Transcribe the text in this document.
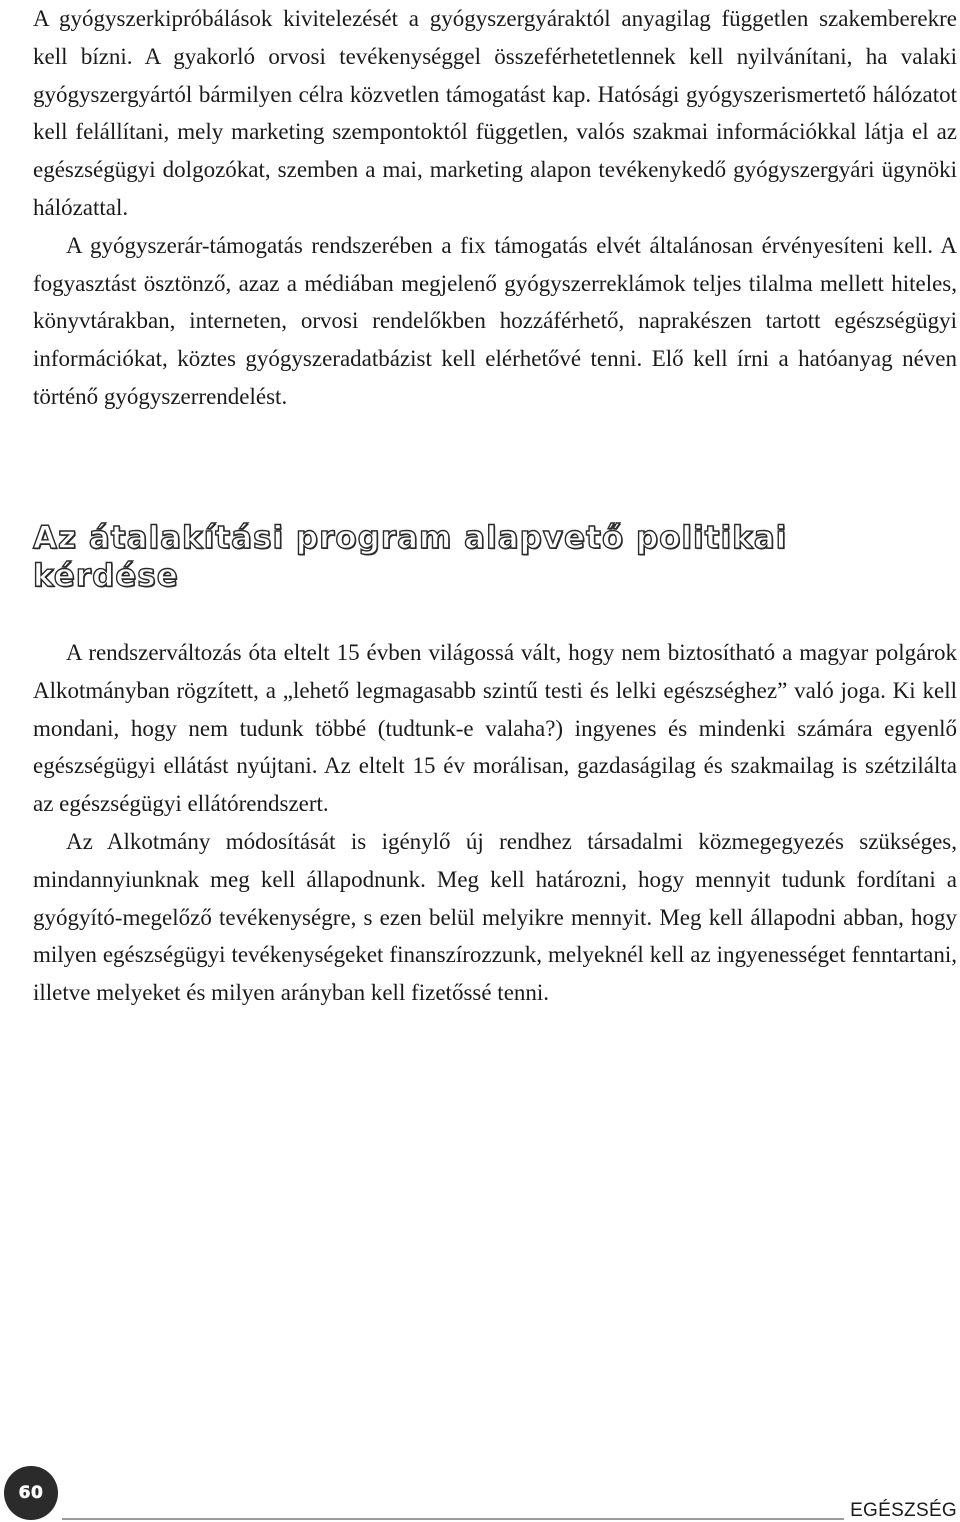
A gyógyszerkipróbálások kivitelezését a gyógyszergyáraktól anyagilag független szakemberekre kell bízni. A gyakorló orvosi tevékenységgel összeférhetetlennek kell nyilvánítani, ha valaki gyógyszergyártól bármilyen célra közvetlen támogatást kap. Hatósági gyógyszerismertető hálózatot kell felállítani, mely marketing szempontoktól független, valós szakmai információkkal látja el az egészségügyi dolgozókat, szemben a mai, marketing alapon tevékenykedő gyógyszergyári ügynöki hálózattal.

A gyógyszerár-támogatás rendszerében a fix támogatás elvét általánosan érvényesíteni kell. A fogyasztást ösztönző, azaz a médiában megjelenő gyógyszerreklámok teljes tilalma mellett hiteles, könyvtárakban, interneten, orvosi rendelőkben hozzáférhető, naprakészen tartott egészségügyi információkat, köztes gyógyszeradatbázist kell elérhetővé tenni. Elő kell írni a hatóanyag néven történő gyógyszerrendelést.

Az átalakítási program alapvető politikai kérdése

A rendszerváltozás óta eltelt 15 évben világossá vált, hogy nem biztosítható a magyar polgárok Alkotmányban rögzített, a „lehető legmagasabb szintű testi és lelki egészséghez” való joga. Ki kell mondani, hogy nem tudunk többé (tudtunk-e valaha?) ingyenes és mindenki számára egyenlő egészségügyi ellátást nyújtani. Az eltelt 15 év morálisan, gazdaságilag és szakmailag is szétzilálta az egészségügyi ellátórendszert.

Az Alkotmány módosítását is igénylő új rendhez társadalmi közmegegyezés szükséges, mindannyiunknak meg kell állapodnunk. Meg kell határozni, hogy mennyit tudunk fordítani a gyógyító-megelőző tevékenységre, s ezen belül melyikre mennyit. Meg kell állapodni abban, hogy milyen egészségügyi tevékenységeket finanszírozzunk, melyeknél kell az ingyenességet fenntartani, illetve melyeket és milyen arányban kell fizetőssé tenni.

60
EGÉSZSÉG
